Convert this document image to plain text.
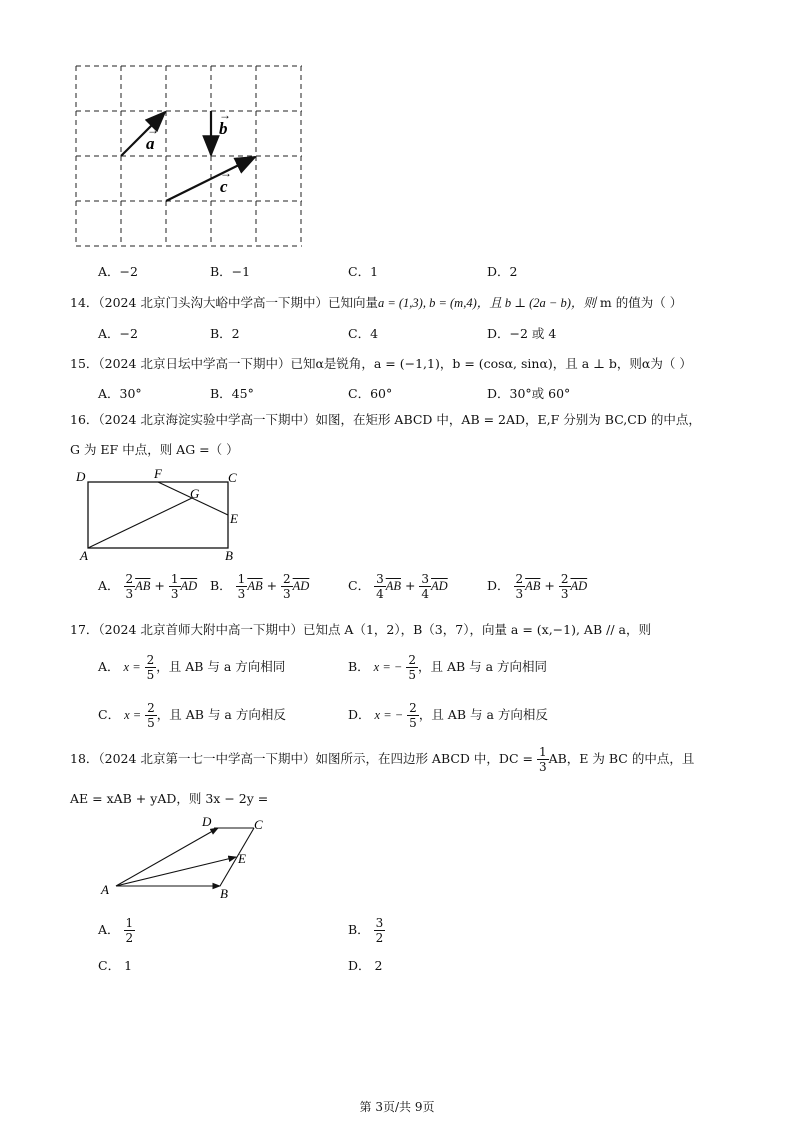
a
→	b
→
c
→
A．−2	B．−1	C．1	D．2
14．（2024 北京门头沟大峪中学高一下期中）已知向量a = (1,3), b = (m,4)，且 b ⊥ (2a − b)，则 m 的值为（ ）
A．−2	B．2	C．4	D．−2 或 4
15．（2024 北京日坛中学高一下期中）已知α是锐角，a = (−1,1)，b = (cosα, sinα)，且 a ⊥ b，则α为（ ）
A．30°	B．45°	C．60°	D．30°或 60°
16．（2024 北京海淀实验中学高一下期中）如图，在矩形 ABCD 中，AB = 2AD，E,F 分别为 BC,CD 的中点，
G 为 EF 中点，则 AG =（ ）
D	F	C
G
E
A	B
A． $\frac{2}{3} \overline{AB} + \frac{1}{3} \overline{AD}$ B． $\frac{1}{3} \overline{AB} + \frac{2}{3} \overline{AD}$	C． $\frac{3}{4} \overline{AB} + \frac{3}{4} \overline{AD}$	D． $\frac{2}{3} \overline{AB} + \frac{2}{3} \overline{AD}$
17．（2024 北京首师大附中高一下期中）已知点 A（1，2），B（3，7），向量 a = (x,−1), AB // a，则
A． $x = \frac{2}{5}$ ，且 AB 与 a 方向相同	B． x = − $\frac{2}{5}$ ，且 AB 与 a 方向相同
C． $x = \frac{2}{5}$ ，且 AB 与 a 方向相反	D． x = − $\frac{2}{5}$ ，且 AB 与 a 方向相反
18．（2024 北京第一七一中学高一下期中）如图所示，在四边形 ABCD 中，DC = $\frac{1}{3}$ AB，E 为 BC 的中点，且
AE = xAB + yAD，则 3x − 2y =
D	C
E
A	B
A． $\frac{1}{2}$	B． $\frac{3}{2}$
C． 1	D． 2
第 3页/共 9页
